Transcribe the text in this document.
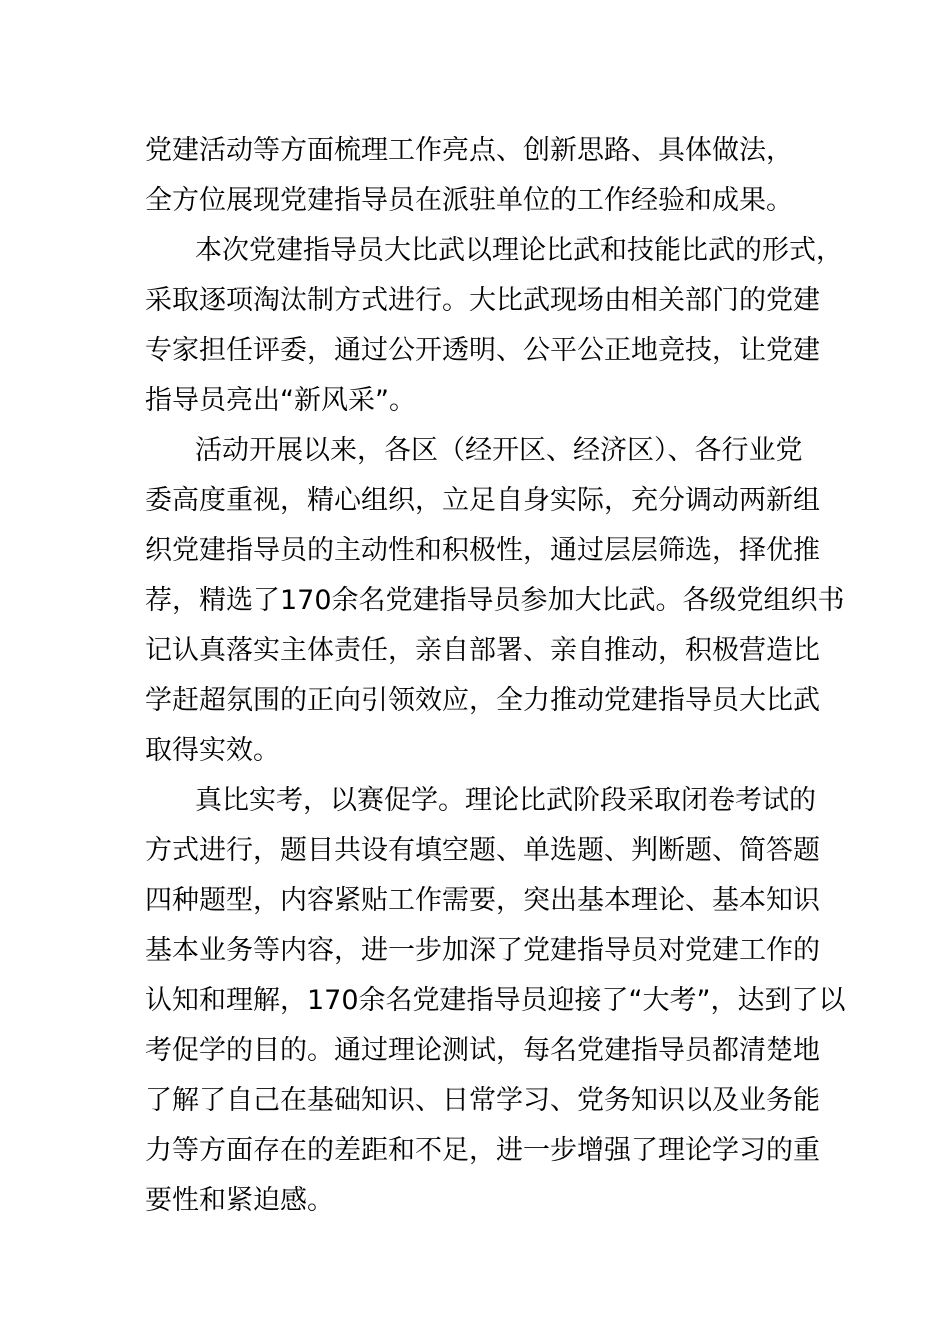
党建活动等方面梳理工作亮点、创新思路、具体做法，

全方位展现党建指导员在派驻单位的工作经验和成果。

本次党建指导员大比武以理论比武和技能比武的形式，

采取逐项淘汰制方式进行。大比武现场由相关部门的党建

专家担任评委，通过公开透明、公平公正地竞技，让党建

指导员亮出“新风采”。

活动开展以来，各区（经开区、经济区）、各行业党

委高度重视，精心组织，立足自身实际，充分调动两新组

织党建指导员的主动性和积极性，通过层层筛选，择优推

荐，精选了170余名党建指导员参加大比武。各级党组织书

记认真落实主体责任，亲自部署、亲自推动，积极营造比

学赶超氛围的正向引领效应，全力推动党建指导员大比武

取得实效。

真比实考，以赛促学。理论比武阶段采取闭卷考试的

方式进行，题目共设有填空题、单选题、判断题、简答题

四种题型，内容紧贴工作需要，突出基本理论、基本知识

基本业务等内容，进一步加深了党建指导员对党建工作的

认知和理解，170余名党建指导员迎接了“大考”，达到了以

考促学的目的。通过理论测试，每名党建指导员都清楚地

了解了自己在基础知识、日常学习、党务知识以及业务能

力等方面存在的差距和不足，进一步增强了理论学习的重

要性和紧迫感。
